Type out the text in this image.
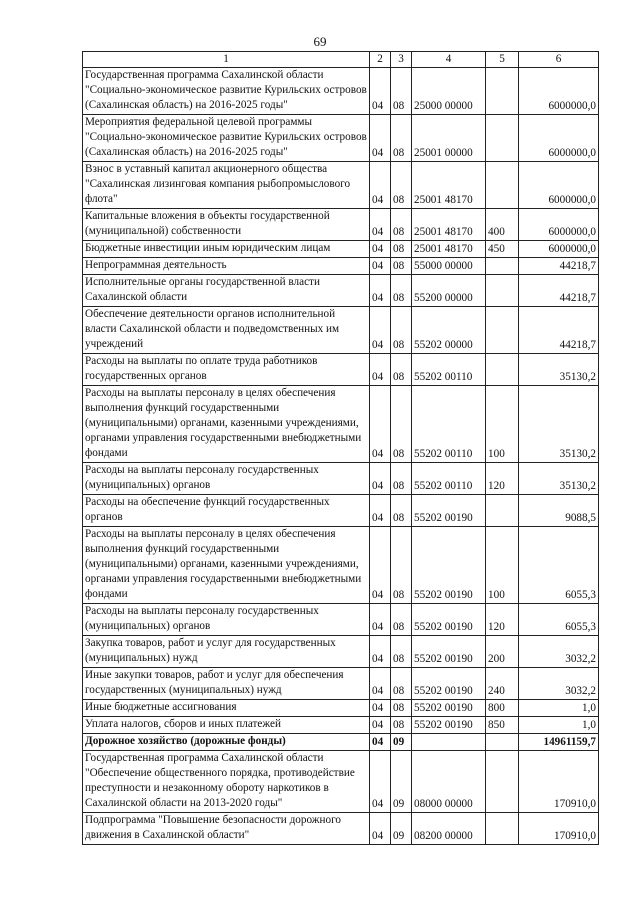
69
1	2	3	4	5	6
Государственная программа Сахалинской области "Социально-экономическое развитие Курильских островов (Сахалинская область) на 2016-2025 годы"	04	08	25000 00000		6000000,0
Мероприятия федеральной целевой программы "Социально-экономическое развитие Курильских островов (Сахалинская область) на 2016-2025 годы"	04	08	25001 00000		6000000,0
Взнос в уставный капитал акционерного общества "Сахалинская лизинговая компания рыбопромыслового флота"	04	08	25001 48170		6000000,0
Капитальные вложения в объекты государственной (муниципальной) собственности	04	08	25001 48170	400	6000000,0
Бюджетные инвестиции иным юридическим лицам	04	08	25001 48170	450	6000000,0
Непрограммная деятельность	04	08	55000 00000		44218,7
Исполнительные органы государственной власти Сахалинской области	04	08	55200 00000		44218,7
Обеспечение деятельности органов исполнительной власти Сахалинской области и подведомственных им учреждений	04	08	55202 00000		44218,7
Расходы на выплаты по оплате труда работников государственных органов	04	08	55202 00110		35130,2
Расходы на выплаты персоналу в целях обеспечения выполнения функций государственными (муниципальными) органами, казенными учреждениями, органами управления государственными внебюджетными фондами	04	08	55202 00110	100	35130,2
Расходы на выплаты персоналу государственных (муниципальных) органов	04	08	55202 00110	120	35130,2
Расходы на обеспечение функций государственных органов	04	08	55202 00190		9088,5
Расходы на выплаты персоналу в целях обеспечения выполнения функций государственными (муниципальными) органами, казенными учреждениями, органами управления государственными внебюджетными фондами	04	08	55202 00190	100	6055,3
Расходы на выплаты персоналу государственных (муниципальных) органов	04	08	55202 00190	120	6055,3
Закупка товаров, работ и услуг для государственных (муниципальных) нужд	04	08	55202 00190	200	3032,2
Иные закупки товаров, работ и услуг для обеспечения государственных (муниципальных) нужд	04	08	55202 00190	240	3032,2
Иные бюджетные ассигнования	04	08	55202 00190	800	1,0
Уплата налогов, сборов и иных платежей	04	08	55202 00190	850	1,0
Дорожное хозяйство (дорожные фонды)	04	09			14961159,7
Государственная программа Сахалинской области "Обеспечение общественного порядка, противодействие преступности и незаконному обороту наркотиков в Сахалинской области на 2013-2020 годы"	04	09	08000 00000		170910,0
Подпрограмма "Повышение безопасности дорожного движения в Сахалинской области"	04	09	08200 00000		170910,0
